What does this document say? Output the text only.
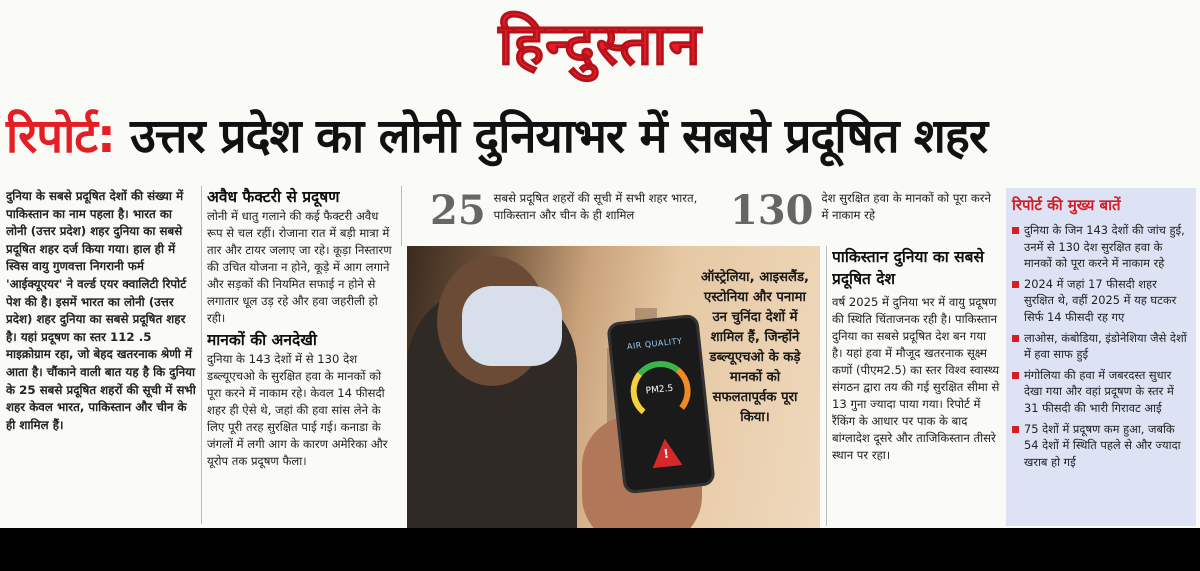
हिन्दुस्तान
रिपोर्ट: उत्तर प्रदेश का लोनी दुनियाभर में सबसे प्रदूषित शहर
दुनिया के सबसे प्रदूषित देशों की संख्या में पाकिस्तान का नाम पहला है। भारत का लोनी (उत्तर प्रदेश) शहर दुनिया का सबसे प्रदूषित शहर दर्ज किया गया। हाल ही में स्विस वायु गुणवत्ता निगरानी फर्म 'आईक्यूएयर' ने वर्ल्ड एयर क्वालिटी रिपोर्ट पेश की है। इसमें भारत का लोनी (उत्तर प्रदेश) शहर दुनिया का सबसे प्रदूषित शहर है। यहां प्रदूषण का स्तर 112 .5 माइक्रोग्राम रहा, जो बेहद खतरनाक श्रेणी में आता है। चौंकाने वाली बात यह है कि दुनिया के 25 सबसे प्रदूषित शहरों की सूची में सभी शहर केवल भारत, पाकिस्तान और चीन के ही शामिल हैं।
अवैध फैक्टरी से प्रदूषण

लोनी में धातु गलाने की कई फैक्टरी अवैध रूप से चल रहीं। रोजाना रात में बड़ी मात्रा में तार और टायर जलाए जा रहे। कूड़ा निस्तारण की उचित योजना न होने, कूड़े में आग लगाने और सड़कों की नियमित सफाई न होने से लगातार धूल उड़ रहे और हवा जहरीली हो रही।

मानकों की अनदेखी

दुनिया के 143 देशों में से 130 देश डब्ल्यूएचओ के सुरक्षित हवा के मानकों को पूरा करने में नाकाम रहे। केवल 14 फीसदी शहर ही ऐसे थे, जहां की हवा सांस लेने के लिए पूरी तरह सुरक्षित पाई गई। कनाडा के जंगलों में लगी आग के कारण अमेरिका और यूरोप तक प्रदूषण फैला।

25 सबसे प्रदूषित शहरों की सूची में सभी शहर भारत, पाकिस्तान और चीन के ही शामिल	130 देश सुरक्षित हवा के मानकों को पूरा करने में नाकाम रहे
AIR QUALITY
PM2.5
!
ऑस्ट्रेलिया, आइसलैंड, एस्टोनिया और पनामा उन चुनिंदा देशों में शामिल हैं, जिन्होंने डब्ल्यूएचओ के कड़े मानकों को सफलतापूर्वक पूरा किया।
पाकिस्तान दुनिया का सबसे प्रदूषित देश

वर्ष 2025 में दुनिया भर में वायु प्रदूषण की स्थिति चिंताजनक रही है। पाकिस्तान दुनिया का सबसे प्रदूषित देश बन गया है। यहां हवा में मौजूद खतरनाक सूक्ष्म कणों (पीएम2.5) का स्तर विश्व स्वास्थ्य संगठन द्वारा तय की गई सुरक्षित सीमा से 13 गुना ज्यादा पाया गया। रिपोर्ट में रैंकिंग के आधार पर पाक के बाद बांग्लादेश दूसरे और ताजिकिस्तान तीसरे स्थान पर रहा।

रिपोर्ट की मुख्य बातें
दुनिया के जिन 143 देशों की जांच हुई, उनमें से 130 देश सुरक्षित हवा के मानकों को पूरा करने में नाकाम रहे
2024 में जहां 17 फीसदी शहर सुरक्षित थे, वहीं 2025 में यह घटकर सिर्फ 14 फीसदी रह गए
लाओस, कंबोडिया, इंडोनेशिया जैसे देशों में हवा साफ हुई
मंगोलिया की हवा में जबरदस्त सुधार देखा गया और वहां प्रदूषण के स्तर में 31 फीसदी की भारी गिरावट आई
75 देशों में प्रदूषण कम हुआ, जबकि 54 देशों में स्थिति पहले से और ज्यादा खराब हो गई
